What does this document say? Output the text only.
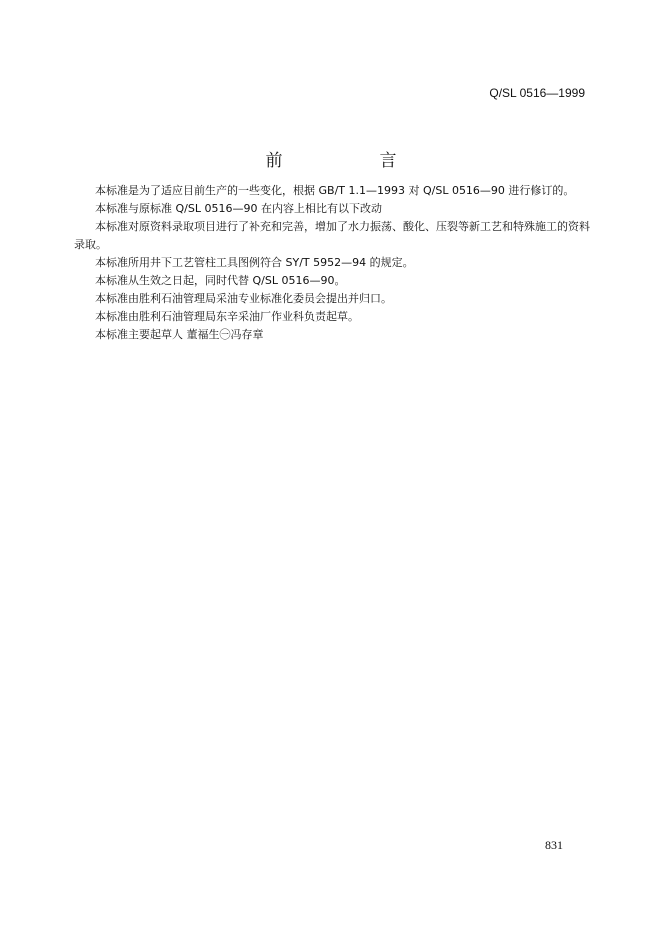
Q/SL 0516—1999
前　言

本标准是为了适应目前生产的一些变化，根据 GB/T 1.1—1993 对 Q/SL 0516—90 进行修订的。

本标准与原标准 Q/SL 0516—90 在内容上相比有以下改动

本标准对原资料录取项目进行了补充和完善，增加了水力振荡、酸化、压裂等新工艺和特殊施工的资料录取。

本标准所用井下工艺管柱工具图例符合 SY/T 5952—94 的规定。

本标准从生效之日起，同时代替 Q/SL 0516—90。

本标准由胜利石油管理局采油专业标准化委员会提出并归口。

本标准由胜利石油管理局东辛采油厂作业科负责起草。

本标准主要起草人 董福生㊀冯存章

831
